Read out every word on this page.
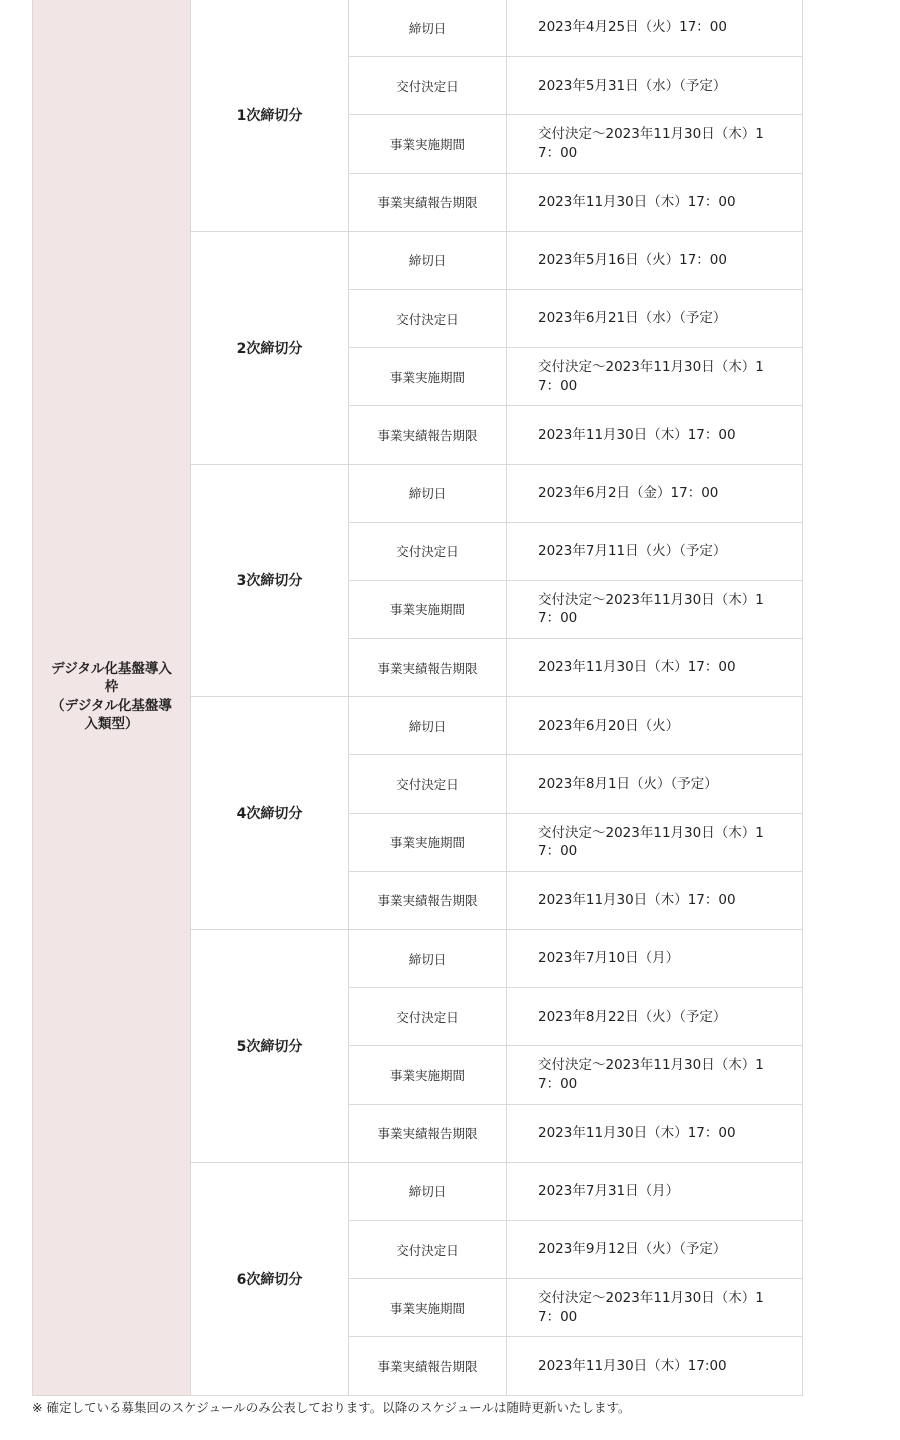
デジタル化基盤導入枠
（デジタル化基盤導入類型）	1次締切分	締切日	2023年4月25日（火）17：00
		交付決定日	2023年5月31日（水）（予定）
		事業実施期間	交付決定～2023年11月30日（木）17：00
		事業実績報告期限	2023年11月30日（木）17：00
	2次締切分	締切日	2023年5月16日（火）17：00
		交付決定日	2023年6月21日（水）（予定）
		事業実施期間	交付決定～2023年11月30日（木）17：00
		事業実績報告期限	2023年11月30日（木）17：00
	3次締切分	締切日	2023年6月2日（金）17：00
		交付決定日	2023年7月11日（火）（予定）
		事業実施期間	交付決定～2023年11月30日（木）17：00
		事業実績報告期限	2023年11月30日（木）17：00
	4次締切分	締切日	2023年6月20日（火）
		交付決定日	2023年8月1日（火）（予定）
		事業実施期間	交付決定～2023年11月30日（木）17：00
		事業実績報告期限	2023年11月30日（木）17：00
	5次締切分	締切日	2023年7月10日（月）
		交付決定日	2023年8月22日（火）（予定）
		事業実施期間	交付決定～2023年11月30日（木）17：00
		事業実績報告期限	2023年11月30日（木）17：00
	6次締切分	締切日	2023年7月31日（月）
		交付決定日	2023年9月12日（火）（予定）
		事業実施期間	交付決定～2023年11月30日（木）17：00
		事業実績報告期限	2023年11月30日（木）17:00
※ 確定している募集回のスケジュールのみ公表しております。以降のスケジュールは随時更新いたします。
